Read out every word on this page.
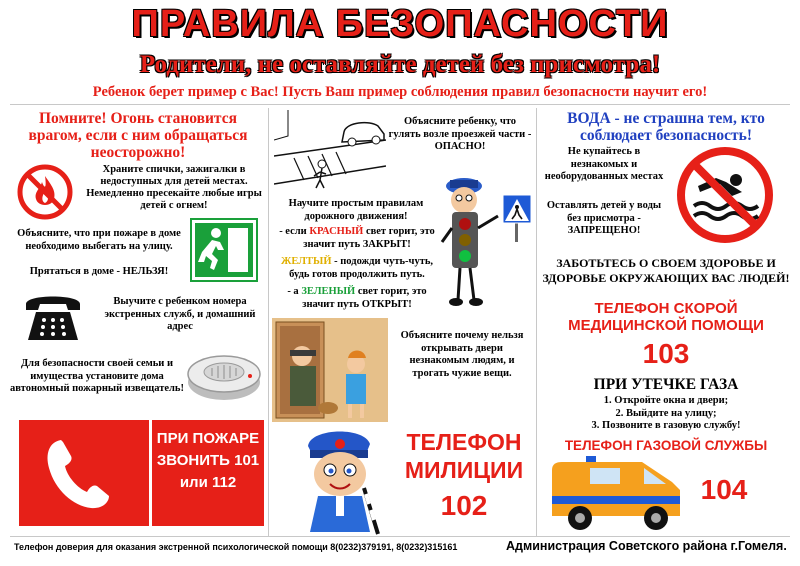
ПРАВИЛА БЕЗОПАСНОСТИ
Родители, не оставляйте детей без присмотра!
Ребенок берет пример с Вас! Пусть Ваш пример соблюдения правил безопасности научит его!
Помните! Огонь становится врагом, если с ним обращаться неосторожно!
Храните спички, зажигалки в недоступных для детей местах. Немедленно пресекайте любые игры детей с огнем!
Объясните, что при пожаре в доме необходимо выбегать на улицу.
Прятаться в доме - НЕЛЬЗЯ!
Выучите с ребенком номера экстренных служб, и домашний адрес
Для безопасности своей семьи и имущества установите дома автономный пожарный извещатель!
ПРИ ПОЖАРЕ ЗВОНИТЬ 101 или 112
Объясните ребенку, что гулять возле проезжей части - ОПАСНО!
Научите простым правилам дорожного движения!
- если КРАСНЫЙ свет горит, это значит путь ЗАКРЫТ!
ЖЕЛТЫЙ - подожди чуть-чуть, будь готов продолжить путь.
- а ЗЕЛЕНЫЙ свет горит, это значит путь ОТКРЫТ!
Объясните почему нельзя открывать двери незнакомым людям, и трогать чужие вещи.
ТЕЛЕФОН МИЛИЦИИ
102
ВОДА - не страшна тем, кто соблюдает безопасность!
Не купайтесь в незнакомых и необорудованных местах
Оставлять детей у воды без присмотра - ЗАПРЕЩЕНО!
ЗАБОТЬТЕСЬ О СВОЕМ ЗДОРОВЬЕ И ЗДОРОВЬЕ ОКРУЖАЮЩИХ ВАС ЛЮДЕЙ!
ТЕЛЕФОН СКОРОЙ МЕДИЦИНСКОЙ ПОМОЩИ
103
ПРИ УТЕЧКЕ ГАЗА
1. Откройте окна и двери;
2. Выйдите на улицу;
3. Позвоните в газовую службу!
ТЕЛЕФОН ГАЗОВОЙ СЛУЖБЫ
104
Телефон доверия для оказания экстренной психологической помощи 8(0232)379191, 8(0232)315161	Администрация Советского района г.Гомеля.
